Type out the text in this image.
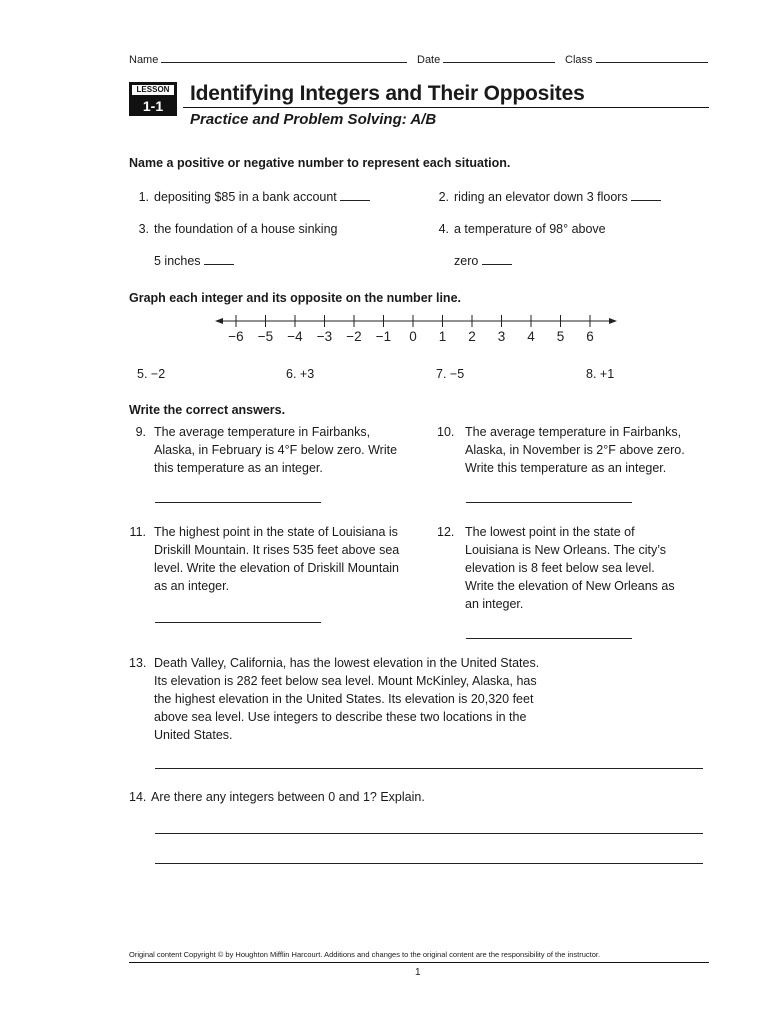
Name	Date	Class
LESSON
1-1
Identifying Integers and Their Opposites
Practice and Problem Solving: A/B
Name a positive or negative number to represent each situation.
1. depositing $85 in a bank account	2. riding an elevator down 3 floors
3. the foundation of a house sinking
5 inches
4. a temperature of 98° above
zero
Graph each integer and its opposite on the number line.
−6 −5 −4 −3 −2 −1 0 1 2 3 4 5 6
5. −2	6. +3	7. −5	8. +1
Write the correct answers.
9. The average temperature in Fairbanks,
Alaska, in February is 4°F below zero. Write
this temperature as an integer.
10. The average temperature in Fairbanks,
Alaska, in November is 2°F above zero.
Write this temperature as an integer.
11. The highest point in the state of Louisiana is
Driskill Mountain. It rises 535 feet above sea
level. Write the elevation of Driskill Mountain
as an integer.
12. The lowest point in the state of
Louisiana is New Orleans. The city’s
elevation is 8 feet below sea level.
Write the elevation of New Orleans as
an integer.
13. Death Valley, California, has the lowest elevation in the United States.
Its elevation is 282 feet below sea level. Mount McKinley, Alaska, has
the highest elevation in the United States. Its elevation is 20,320 feet
above sea level. Use integers to describe these two locations in the
United States.
14. Are there any integers between 0 and 1? Explain.
Original content Copyright © by Houghton Mifflin Harcourt. Additions and changes to the original content are the responsibility of the instructor.
1
